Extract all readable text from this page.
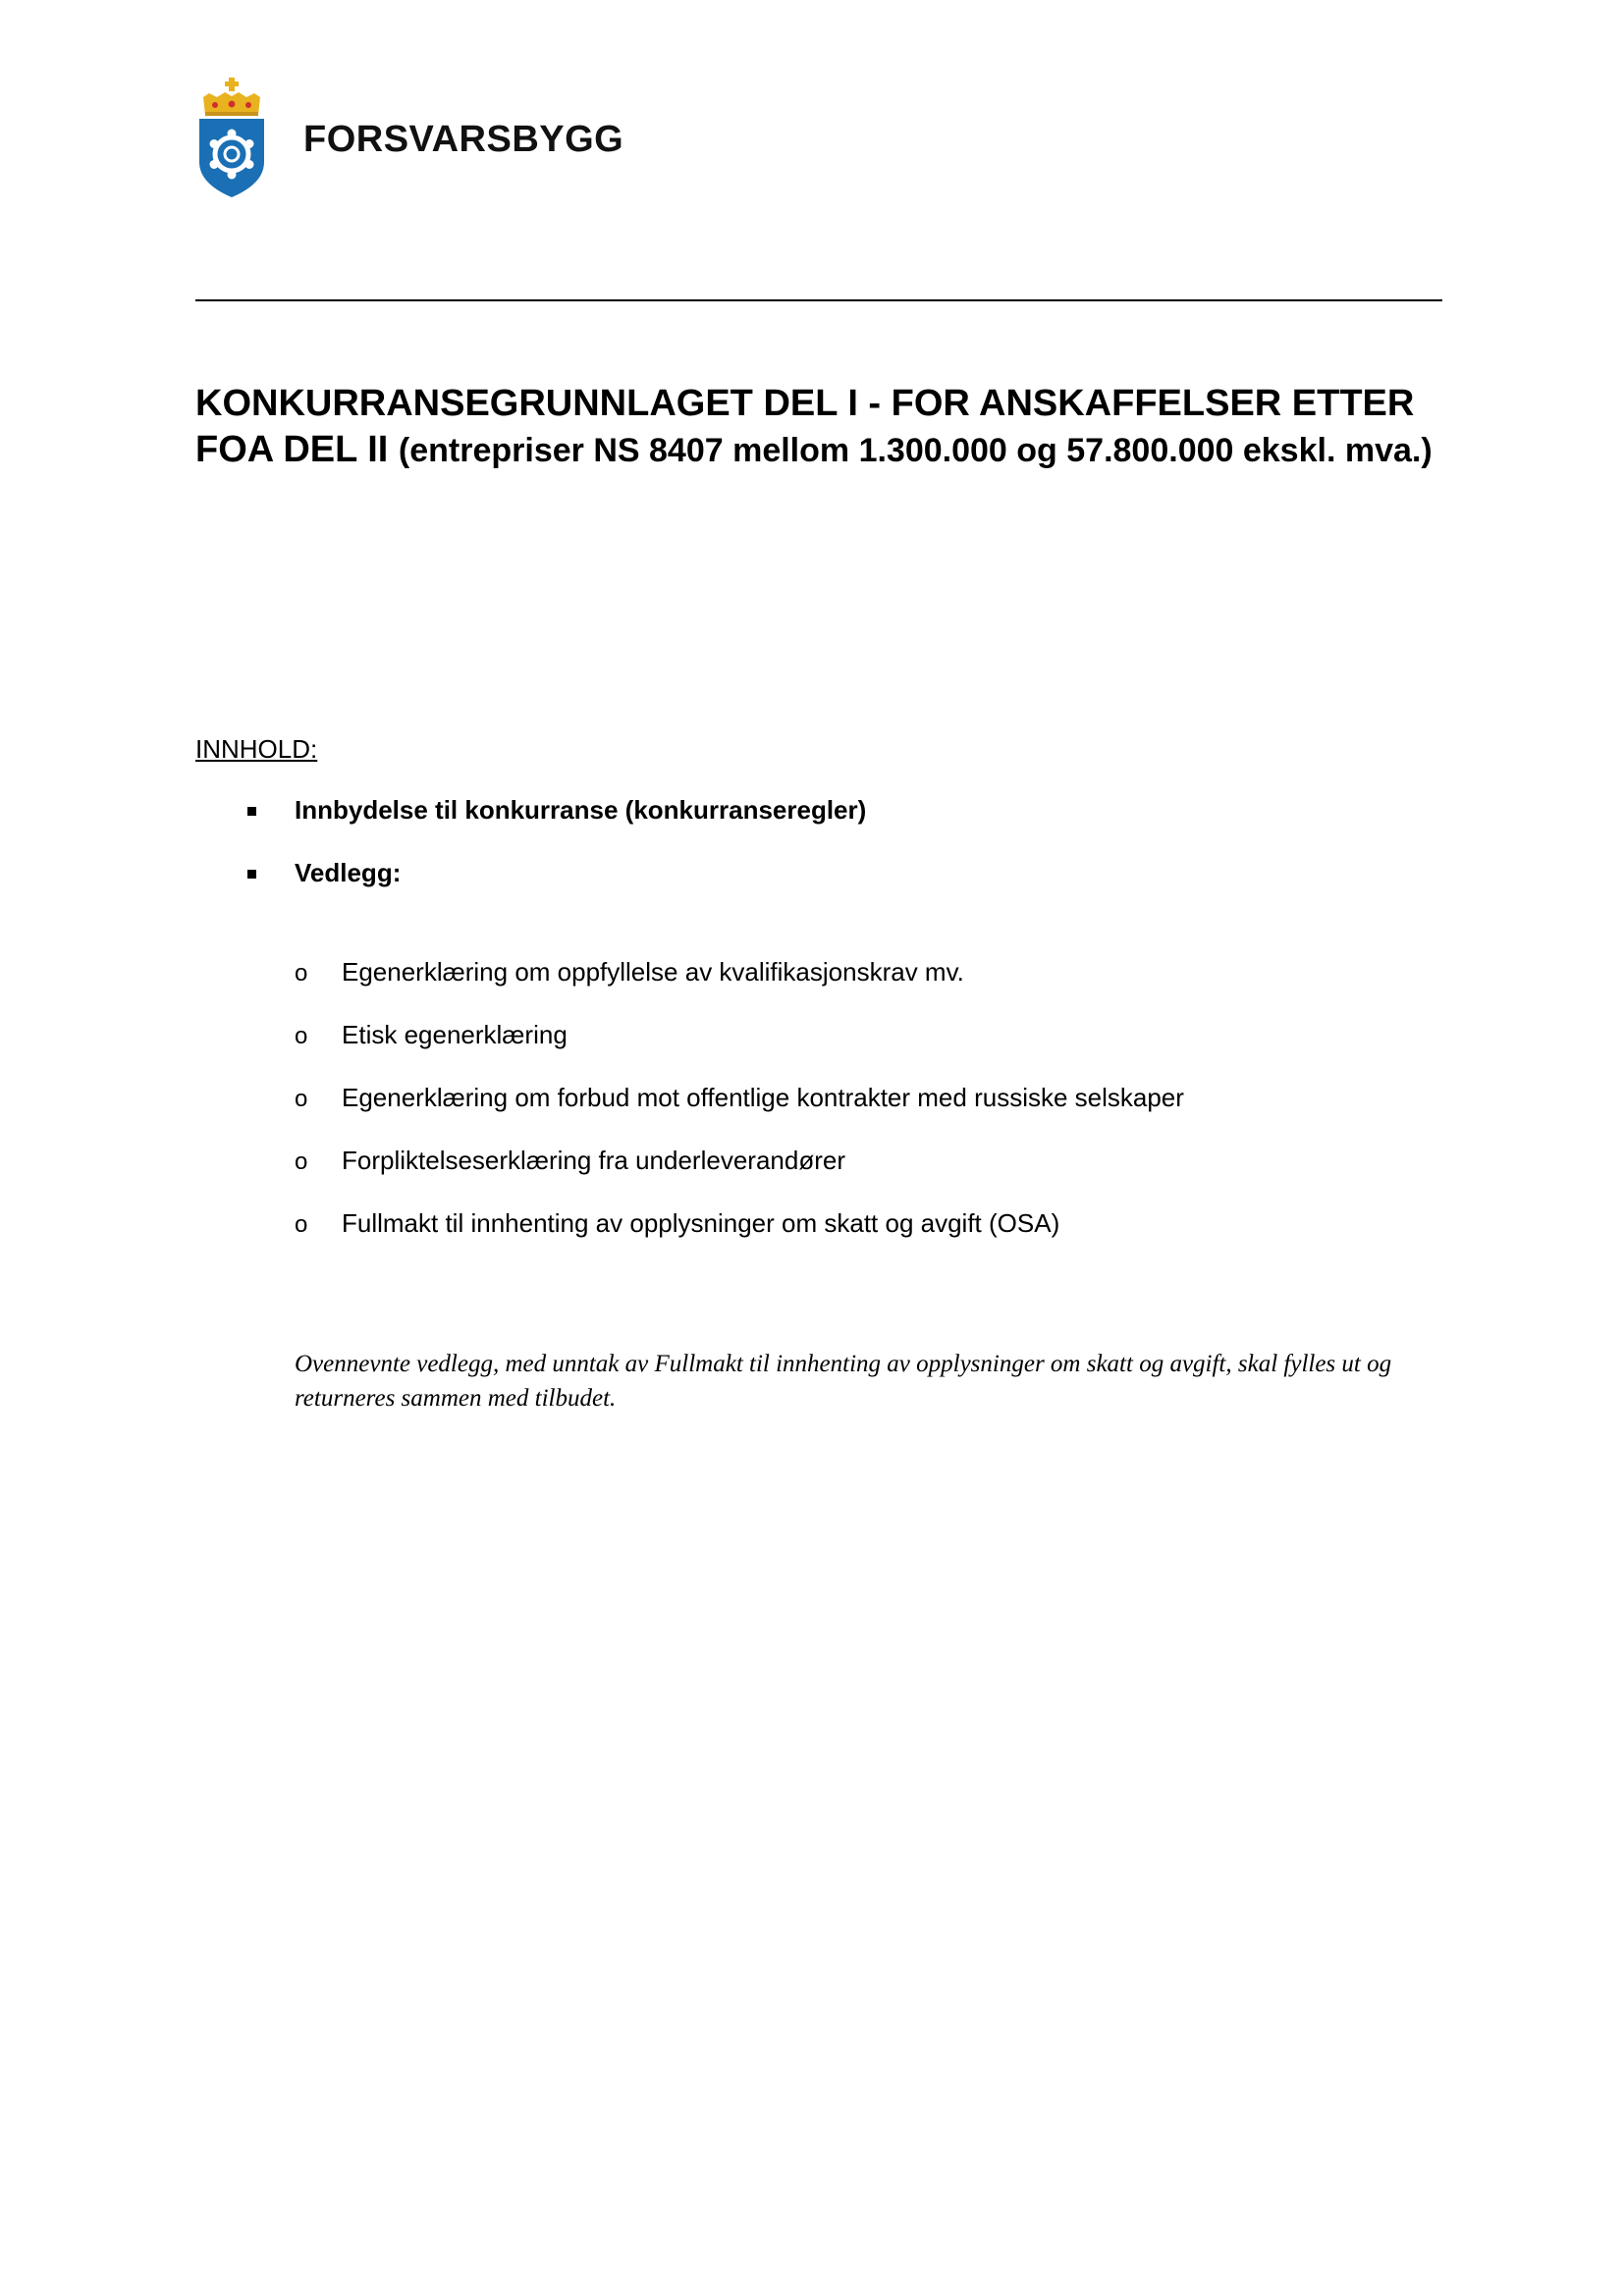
FORSVARSBYGG
KONKURRANSEGRUNNLAGET DEL I - FOR ANSKAFFELSER ETTER FOA DEL II (entrepriser NS 8407 mellom 1.300.000 og 57.800.000 ekskl. mva.)
INNHOLD:
Innbydelse til konkurranse (konkurranseregler)
Vedlegg:
o Egenerklæring om oppfyllelse av kvalifikasjonskrav mv.
o Etisk egenerklæring
o Egenerklæring om forbud mot offentlige kontrakter med russiske selskaper
o Forpliktelseserklæring fra underleverandører
o Fullmakt til innhenting av opplysninger om skatt og avgift (OSA)
Ovennevnte vedlegg, med unntak av Fullmakt til innhenting av opplysninger om skatt og avgift, skal fylles ut og returneres sammen med tilbudet.
